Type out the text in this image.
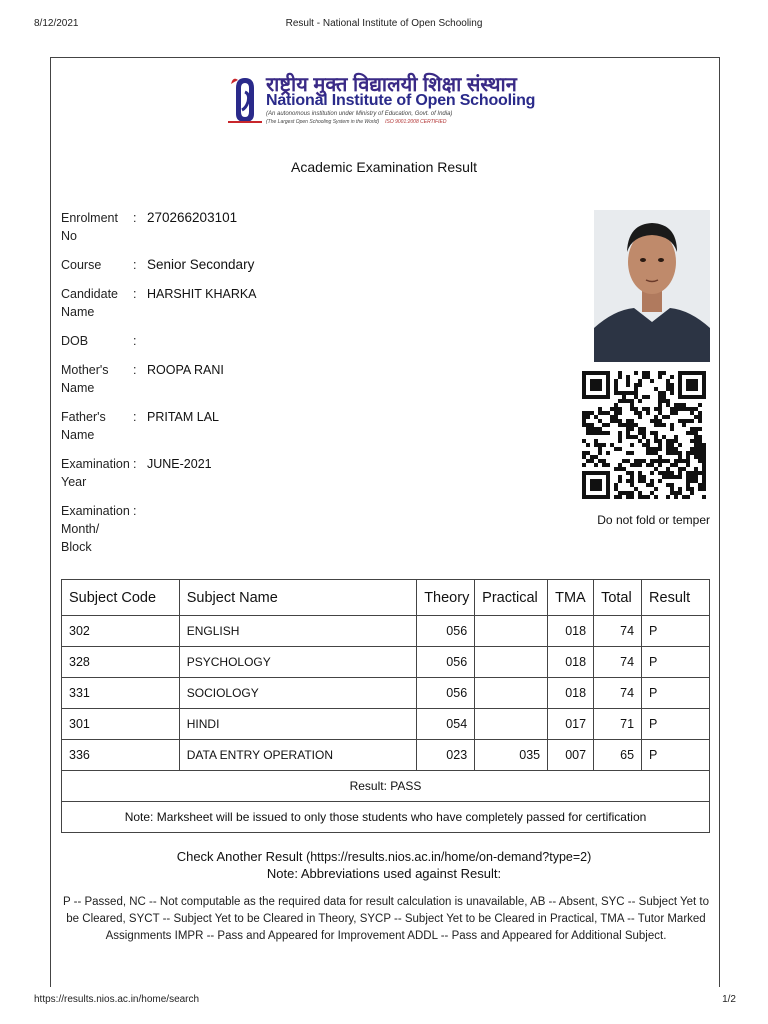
8/12/2021	Result - National Institute of Open Schooling
राष्ट्रीय मुक्त विद्यालयी शिक्षा संस्थान
National Institute of Open Schooling
(An autonomous institution under Ministry of Education, Govt. of India)
(The Largest Open Schooling System in the World) ISO 9001:2008 CERTIFIED
Academic Examination Result
Enrolment No: 270266203101
Course	: Senior Secondary
Candidate Name: HARSHIT KHARKA
DOB	:
Mother's Name: ROOPA RANI
Father's Name: PRITAM LAL
Examination Year: JUNE-2021
Examination Month/ Block:
Do not fold or temper
Subject Code	Subject Name	Theory	Practical	TMA	Total	Result
302	ENGLISH	056		018	74	P
328	PSYCHOLOGY	056		018	74	P
331	SOCIOLOGY	056		018	74	P
301	HINDI	054		017	71	P
336	DATA ENTRY OPERATION	023	035	007	65	P
Result: PASS						
Note: Marksheet will be issued to only those students who have completely passed for certification						
Check Another Result (https://results.nios.ac.in/home/on-demand?type=2)
Note: Abbreviations used against Result:
P -- Passed, NC -- Not computable as the required data for result calculation is unavailable, AB -- Absent, SYC -- Subject Yet to be Cleared, SYCT -- Subject Yet to be Cleared in Theory, SYCP -- Subject Yet to be Cleared in Practical, TMA -- Tutor Marked Assignments IMPR -- Pass and Appeared for Improvement ADDL -- Pass and Appeared for Additional Subject.
https://results.nios.ac.in/home/search	1/2
